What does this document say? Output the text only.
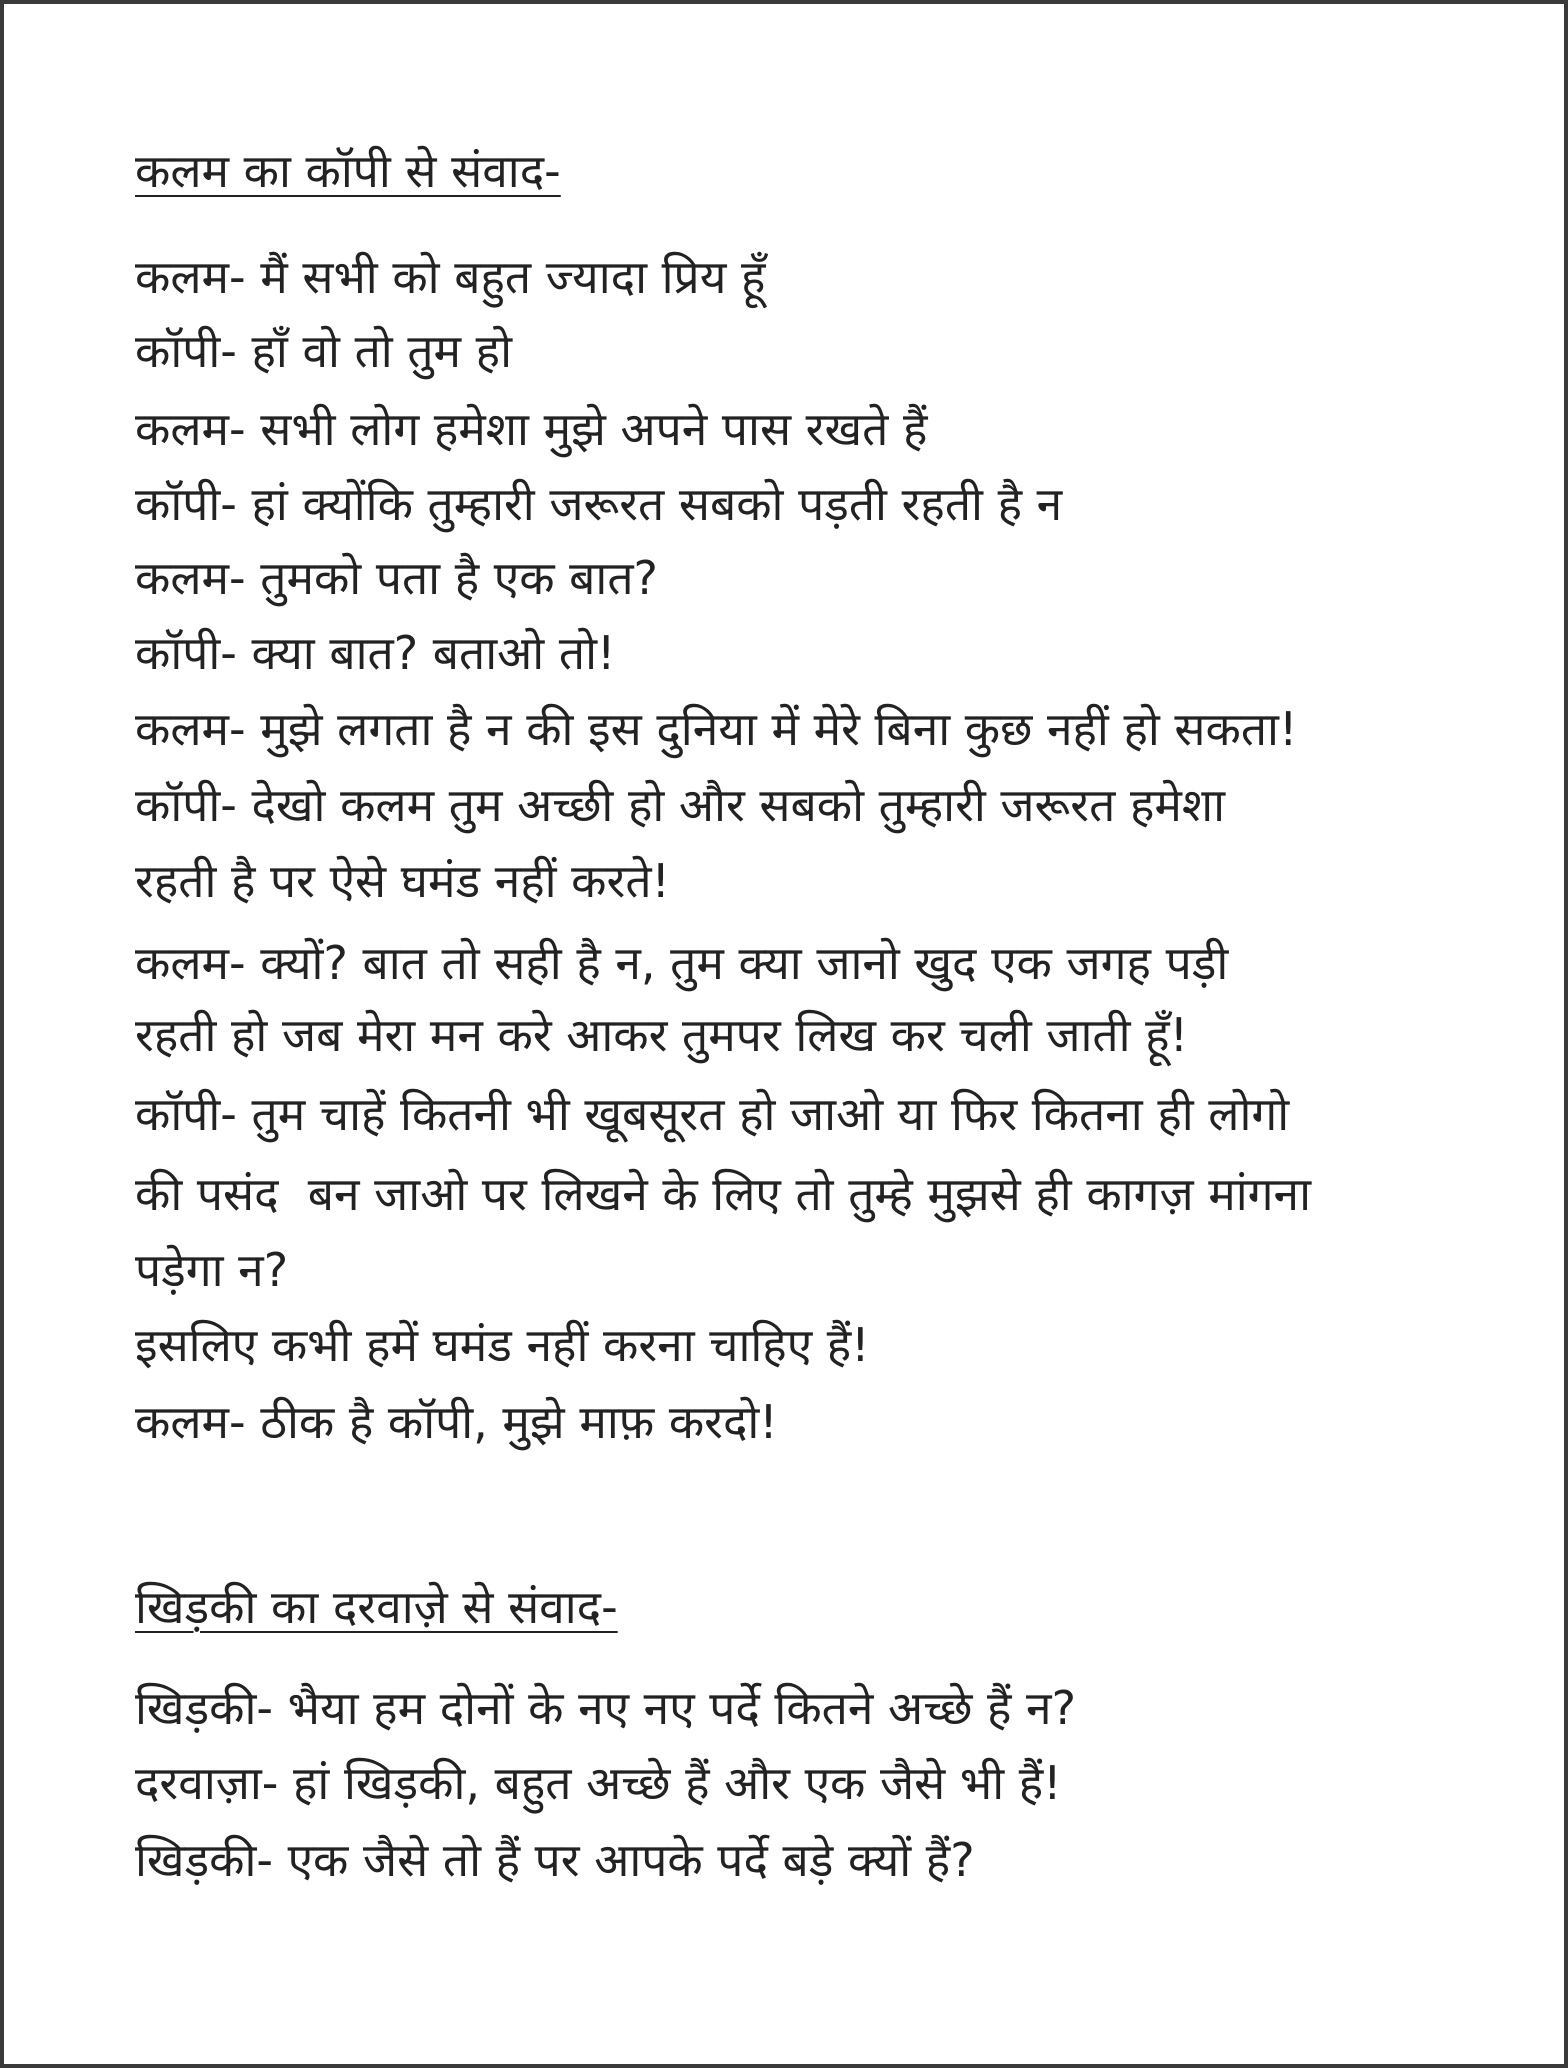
कलम का कॉपी से संवाद-
कलम- मैं सभी को बहुत ज्यादा प्रिय हूँ
कॉपी- हाँ वो तो तुम हो
कलम- सभी लोग हमेशा मुझे अपने पास रखते हैं
कॉपी- हां क्योंकि तुम्हारी जरूरत सबको पड़ती रहती है न
कलम- तुमको पता है एक बात?
कॉपी- क्या बात? बताओ तो!
कलम- मुझे लगता है न की इस दुनिया में मेरे बिना कुछ नहीं हो सकता!
कॉपी- देखो कलम तुम अच्छी हो और सबको तुम्हारी जरूरत हमेशा
रहती है पर ऐसे घमंड नहीं करते!
कलम- क्यों? बात तो सही है न, तुम क्या जानो खुद एक जगह पड़ी
रहती हो जब मेरा मन करे आकर तुमपर लिख कर चली जाती हूँ!
कॉपी- तुम चाहें कितनी भी खूबसूरत हो जाओ या फिर कितना ही लोगो
की पसंद  बन जाओ पर लिखने के लिए तो तुम्हे मुझसे ही कागज़ मांगना
पड़ेगा न?
इसलिए कभी हमें घमंड नहीं करना चाहिए हैं!
कलम- ठीक है कॉपी, मुझे माफ़ करदो!
खिड़की का दरवाज़े से संवाद-
खिड़की- भैया हम दोनों के नए नए पर्दे कितने अच्छे हैं न?
दरवाज़ा- हां खिड़की, बहुत अच्छे हैं और एक जैसे भी हैं!
खिड़की- एक जैसे तो हैं पर आपके पर्दे बड़े क्यों हैं?
